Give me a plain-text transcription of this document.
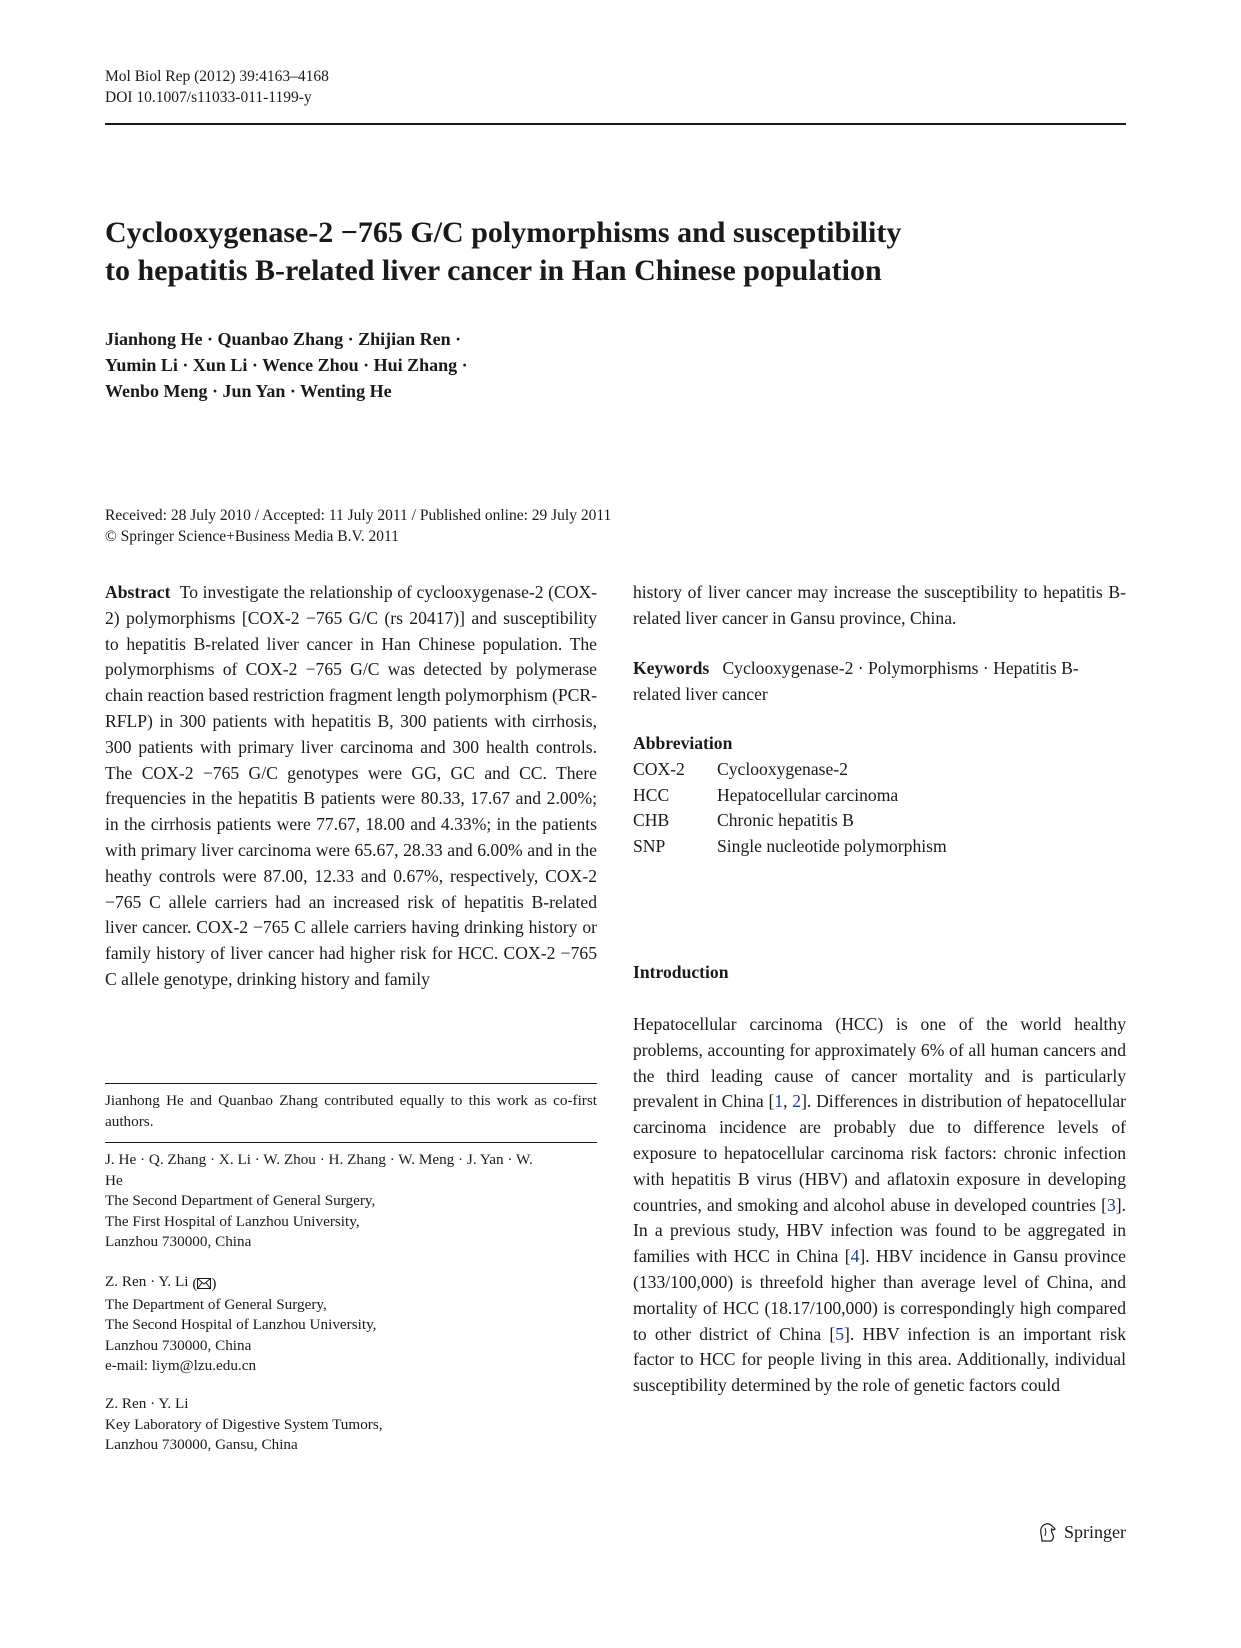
Mol Biol Rep (2012) 39:4163–4168
DOI 10.1007/s11033-011-1199-y
Cyclooxygenase-2 −765 G/C polymorphisms and susceptibility
to hepatitis B-related liver cancer in Han Chinese population
Jianhong He · Quanbao Zhang · Zhijian Ren ·
Yumin Li · Xun Li · Wence Zhou · Hui Zhang ·
Wenbo Meng · Jun Yan · Wenting He
Received: 28 July 2010 / Accepted: 11 July 2011 / Published online: 29 July 2011
© Springer Science+Business Media B.V. 2011

Abstract To investigate the relationship of cyclooxygenase-2 (COX-2) polymorphisms [COX-2 −765 G/C (rs 20417)] and susceptibility to hepatitis B-related liver cancer in Han Chinese population. The polymorphisms of COX-2 −765 G/C was detected by polymerase chain reaction based restriction fragment length polymorphism (PCR-RFLP) in 300 patients with hepatitis B, 300 patients with cirrhosis, 300 patients with primary liver carcinoma and 300 health controls. The COX-2 −765 G/C genotypes were GG, GC and CC. There frequencies in the hepatitis B patients were 80.33, 17.67 and 2.00%; in the cirrhosis patients were 77.67, 18.00 and 4.33%; in the patients with primary liver carcinoma were 65.67, 28.33 and 6.00% and in the heathy controls were 87.00, 12.33 and 0.67%, respectively, COX-2 −765 C allele carriers had an increased risk of hepatitis B-related liver cancer. COX-2 −765 C allele carriers having drinking history or family history of liver cancer had higher risk for HCC. COX-2 −765 C allele genotype, drinking history and family

Jianhong He and Quanbao Zhang contributed equally to this work as co-first authors.
J. He · Q. Zhang · X. Li · W. Zhou · H. Zhang · W. Meng · J. Yan · W. He
The Second Department of General Surgery,
The First Hospital of Lanzhou University,
Lanzhou 730000, China
Z. Ren · Y. Li ( )
The Department of General Surgery,
The Second Hospital of Lanzhou University,
Lanzhou 730000, China
e-mail: liym@lzu.edu.cn
Z. Ren · Y. Li
Key Laboratory of Digestive System Tumors,
Lanzhou 730000, Gansu, China
history of liver cancer may increase the susceptibility to hepatitis B-related liver cancer in Gansu province, China.
Keywords Cyclooxygenase-2 · Polymorphisms · Hepatitis B-related liver cancer
Abbreviation
COX-2	Cyclooxygenase-2
HCC	Hepatocellular carcinoma
CHB	Chronic hepatitis B
SNP	Single nucleotide polymorphism
Introduction

Hepatocellular carcinoma (HCC) is one of the world healthy problems, accounting for approximately 6% of all human cancers and the third leading cause of cancer mortality and is particularly prevalent in China [1, 2]. Differences in distribution of hepatocellular carcinoma incidence are probably due to difference levels of exposure to hepatocellular carcinoma risk factors: chronic infection with hepatitis B virus (HBV) and aflatoxin exposure in developing countries, and smoking and alcohol abuse in developed countries [3]. In a previous study, HBV infection was found to be aggregated in families with HCC in China [4]. HBV incidence in Gansu province (133/100,000) is threefold higher than average level of China, and mortality of HCC (18.17/100,000) is correspondingly high compared to other district of China [5]. HBV infection is an important risk factor to HCC for people living in this area. Additionally, individual susceptibility determined by the role of genetic factors could

Springer
